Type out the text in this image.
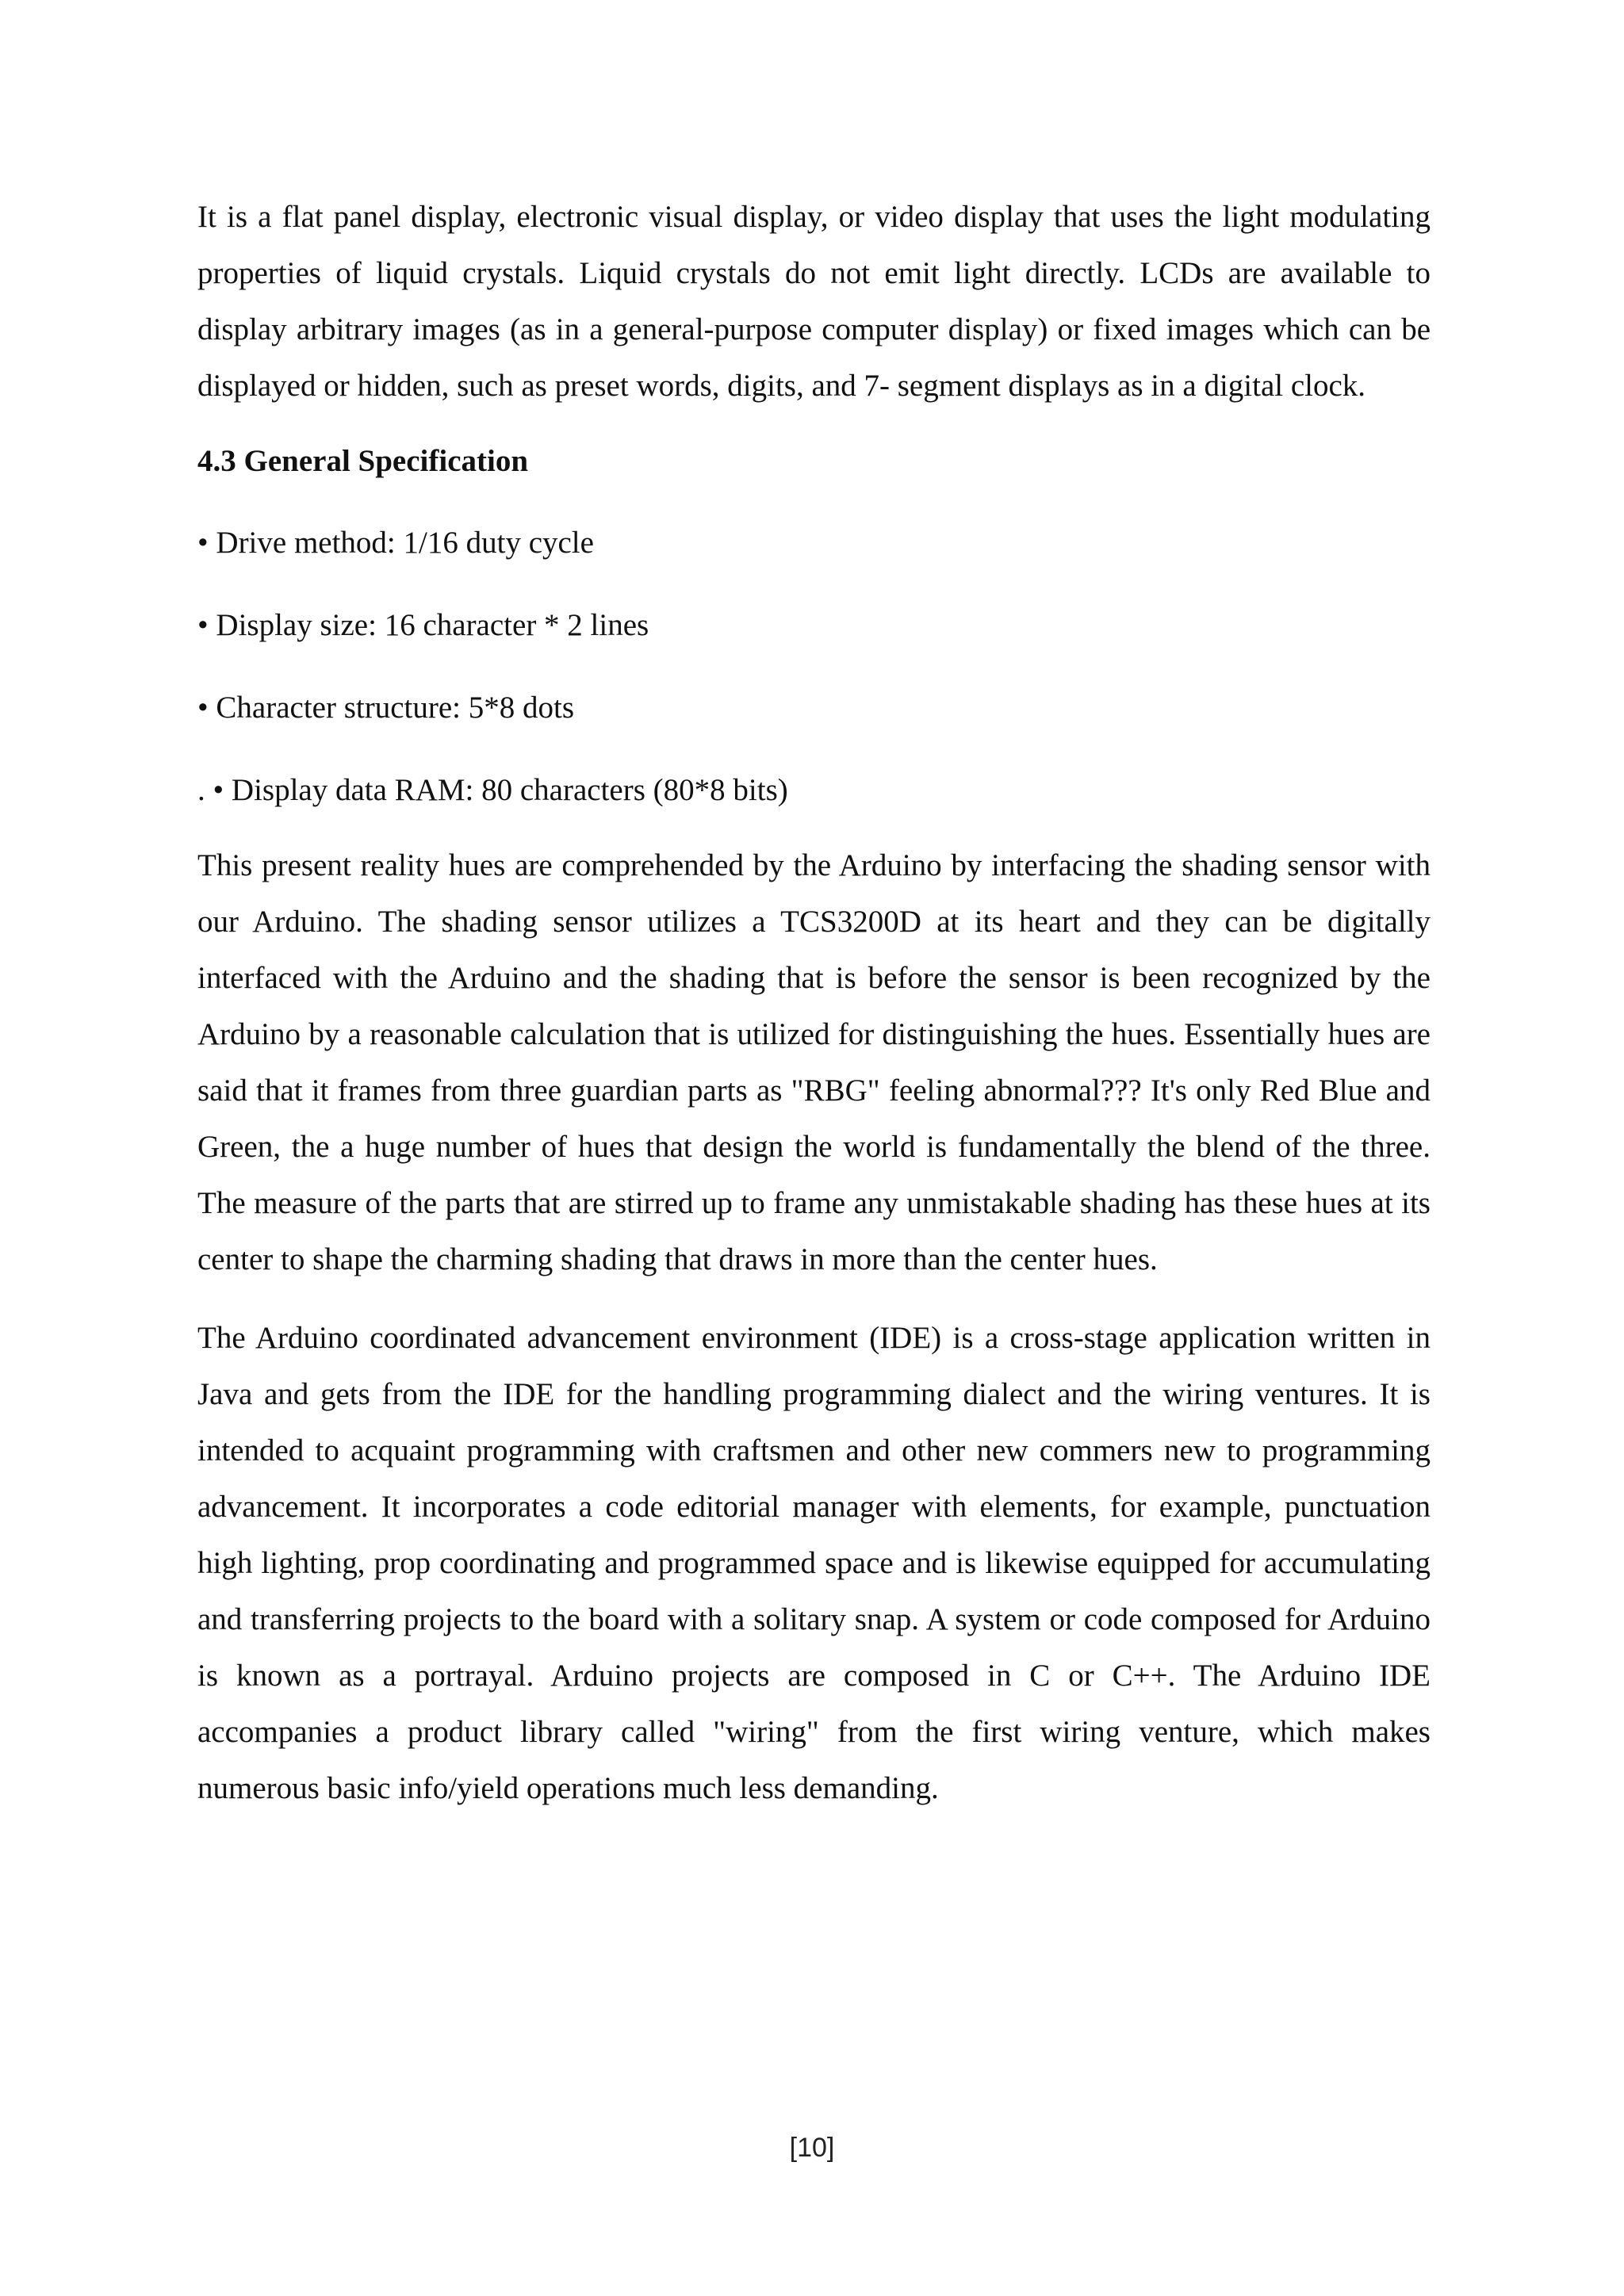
It is a flat panel display, electronic visual display, or video display that uses the light modulating properties of liquid crystals. Liquid crystals do not emit light directly. LCDs are available to display arbitrary images (as in a general-purpose computer display) or fixed images which can be displayed or hidden, such as preset words, digits, and 7- segment displays as in a digital clock.

4.3 General Specification
• Drive method: 1/16 duty cycle
• Display size: 16 character * 2 lines
• Character structure: 5*8 dots
. • Display data RAM: 80 characters (80*8 bits)

This present reality hues are comprehended by the Arduino by interfacing the shading sensor with our Arduino. The shading sensor utilizes a TCS3200D at its heart and they can be digitally interfaced with the Arduino and the shading that is before the sensor is been recognized by the Arduino by a reasonable calculation that is utilized for distinguishing the hues. Essentially hues are said that it frames from three guardian parts as "RBG" feeling abnormal??? It's only Red Blue and Green, the a huge number of hues that design the world is fundamentally the blend of the three. The measure of the parts that are stirred up to frame any unmistakable shading has these hues at its center to shape the charming shading that draws in more than the center hues.

The Arduino coordinated advancement environment (IDE) is a cross-stage application written in Java and gets from the IDE for the handling programming dialect and the wiring ventures. It is intended to acquaint programming with craftsmen and other new commers new to programming advancement. It incorporates a code editorial manager with elements, for example, punctuation high lighting, prop coordinating and programmed space and is likewise equipped for accumulating and transferring projects to the board with a solitary snap. A system or code composed for Arduino is known as a portrayal. Arduino projects are composed in C or C++. The Arduino IDE accompanies a product library called "wiring" from the first wiring venture, which makes numerous basic info/yield operations much less demanding.

[10]
